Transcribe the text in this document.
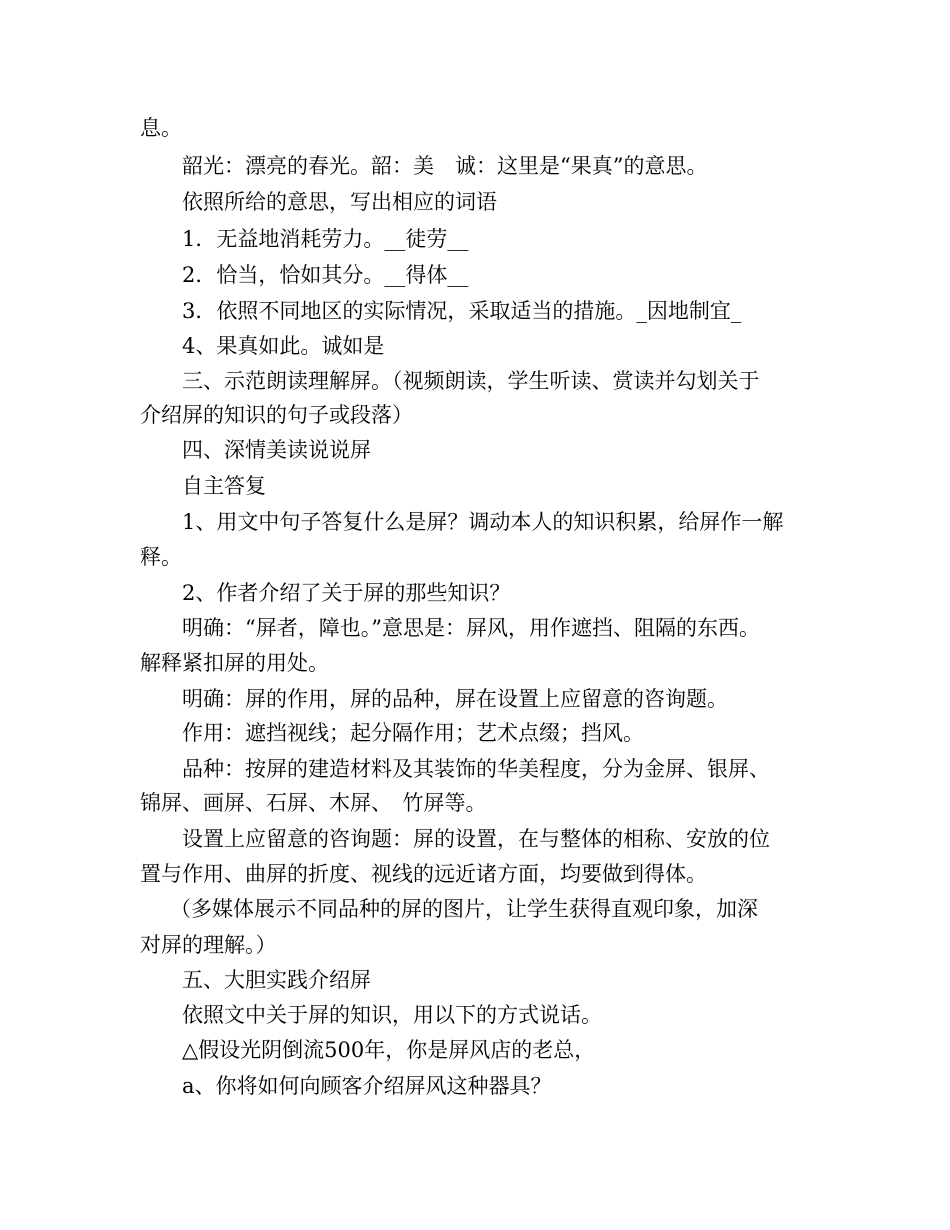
息。
韶光：漂亮的春光。韶：美　诚：这里是“果真”的意思。
依照所给的意思，写出相应的词语
1．无益地消耗劳力。__徒劳__
2．恰当，恰如其分。__得体__
3．依照不同地区的实际情况，采取适当的措施。_因地制宜_
4、果真如此。诚如是
三、示范朗读理解屏。（视频朗读，学生听读、赏读并勾划关于
介绍屏的知识的句子或段落）
四、深情美读说说屏
自主答复
1、用文中句子答复什么是屏？调动本人的知识积累，给屏作一解
释。
2、作者介绍了关于屏的那些知识？
明确：“屏者，障也。”意思是：屏风，用作遮挡、阻隔的东西。
解释紧扣屏的用处。
明确：屏的作用，屏的品种，屏在设置上应留意的咨询题。
作用：遮挡视线；起分隔作用；艺术点缀；挡风。
品种：按屏的建造材料及其装饰的华美程度，分为金屏、银屏、
锦屏、画屏、石屏、木屏、　竹屏等。
设置上应留意的咨询题：屏的设置，在与整体的相称、安放的位
置与作用、曲屏的折度、视线的远近诸方面，均要做到得体。
（多媒体展示不同品种的屏的图片，让学生获得直观印象，加深
对屏的理解。）
五、大胆实践介绍屏
依照文中关于屏的知识，用以下的方式说话。
△假设光阴倒流500年，你是屏风店的老总，
a、你将如何向顾客介绍屏风这种器具？
